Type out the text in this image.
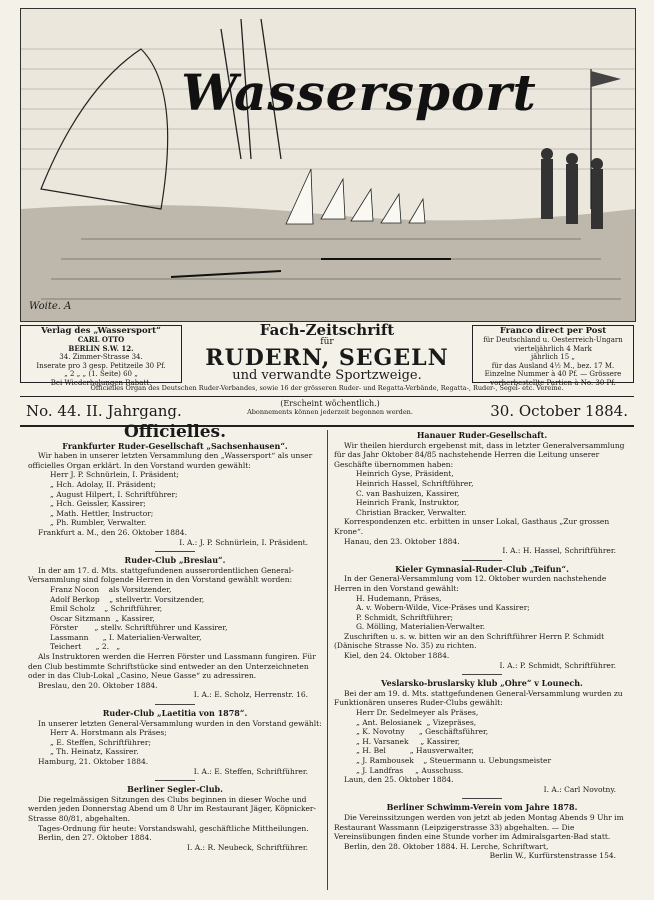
Wassersport
Woite. A
Verlag des „Wassersport“
CARL OTTO
BERLIN S.W. 12.
34. Zimmer-Strasse 34.
Inserate pro 3 gesp. Petitzeile 30 Pf.
„ 2 „ „ (1. Seite) 60 „
Bei Wiederholungen Rabatt.
Fach-Zeitschrift
für
RUDERN, SEGELN
und verwandte Sportzweige.
Franco direct per Post
für Deutschland u. Oesterreich-Ungarn
vierteljährlich 4 Mark
jährlich 15 „
für das Ausland 4½ M., bez. 17 M.
Einzelne Nummer à 40 Pf. — Grössere
vorherbestellte Partien à No. 30 Pf.
Officielles Organ des Deutschen Ruder-Verbandes, sowie 16 der grösseren Ruder- und Regatta-Verbände, Regatta-, Ruder-, Segel- etc. Vereine.
No. 44. II. Jahrgang.	(Erscheint wöchentlich.)
Abonnements können jederzeit begonnen werden.	30. October 1884.
Officielles.
Frankfurter Ruder-Gesellschaft „Sachsenhausen“.
Wir haben in unserer letzten Versammlung den „Wassersport“ als unser officielles Organ erklärt. In den Vorstand wurden gewählt:
Herr J. P. Schnürlein, I. Präsident;
„ Hch. Adolay, II. Präsident;
„ August Hilpert, I. Schriftführer;
„ Hch. Geissler, Kassirer;
„ Math. Hettler, Instructor;
„ Ph. Rumbler, Verwalter.
Frankfurt a. M., den 26. Oktober 1884.
I. A.: J. P. Schnürlein, I. Präsident.
Ruder-Club „Breslau“.
In der am 17. d. Mts. stattgefundenen ausserordentlichen General-Versammlung sind folgende Herren in den Vorstand gewählt worden:
Franz Nocon    als Vorsitzender,
Adolf Berkop    „ stellvertr. Vorsitzender,
Emil Scholz    „ Schriftführer,
Oscar Sitzmann  „ Kassirer,
Förster       „ stellv. Schriftführer und Kassirer,
Lassmann      „ I. Materialien-Verwalter,
Teichert      „ 2.   „
Als Instruktoren werden die Herren Förster und Lassmann fungiren. Für den Club bestimmte Schriftstücke sind entweder an den Unterzeichneten oder in das Club-Lokal „Casino, Neue Gasse“ zu adressiren.
Breslau, den 20. Oktober 1884.
I. A.: E. Scholz, Herrenstr. 16.
Ruder-Club „Laetitia von 1878“.
In unserer letzten General-Versammlung wurden in den Vorstand gewählt:
Herr A. Horstmann als Präses;
„ E. Steffen, Schriftführer;
„ Th. Heinatz, Kassirer.
Hamburg, 21. Oktober 1884.
I. A.: E. Steffen, Schriftführer.
Berliner Segler-Club.
Die regelmässigen Sitzungen des Clubs beginnen in dieser Woche und werden jeden Donnerstag Abend um 8 Uhr im Restaurant Jäger, Köpnicker-Strasse 80/81, abgehalten.
Tages-Ordnung für heute: Vorstandswahl, geschäftliche Mittheilungen.
Berlin, den 27. Oktober 1884.
I. A.: R. Neubeck, Schriftführer.
Hanauer Ruder-Gesellschaft.
Wir theilen hierdurch ergebenst mit, dass in letzter Generalversammlung für das Jahr Oktober 84/85 nachstehende Herren die Leitung unserer Geschäfte übernommen haben:
Heinrich Gyse, Präsident,
Heinrich Hassel, Schriftführer,
C. van Bashuizen, Kassirer,
Heinrich Frank, Instruktor,
Christian Bracker, Verwalter.
Korrespondenzen etc. erbitten in unser Lokal, Gasthaus „Zur grossen Krone“.
Hanau, den 23. Oktober 1884.
I. A.: H. Hassel, Schriftführer.
Kieler Gymnasial-Ruder-Club „Teifun“.
In der General-Versammlung vom 12. Oktober wurden nachstehende Herren in den Vorstand gewählt:
H. Hudemann, Präses,
A. v. Wobern-Wilde, Vice-Präses und Kassirer;
P. Schmidt, Schriftführer;
G. Mölling, Materialien-Verwalter.
Zuschriften u. s. w. bitten wir an den Schriftführer Herrn P. Schmidt (Dänische Strasse No. 35) zu richten.
Kiel, den 24. Oktober 1884.
I. A.: P. Schmidt, Schriftführer.
Veslarsko-bruslarsky klub „Ohre“ v Lounech.
Bei der am 19. d. Mts. stattgefundenen General-Versammlung wurden zu Funktionären unseres Ruder-Clubs gewählt:
Herr Dr. Sedelmeyer als Präses,
„ Ant. Belosianek  „ Vizepräses,
„ K. Novotny      „ Geschäftsführer,
„ H. Varsanek     „ Kassirer,
„ H. Bel          „ Hausverwalter,
„ J. Rambousek    „ Steuermann u. Uebungsmeister
„ J. Landfras     „ Ausschuss.
Laun, den 25. Oktober 1884.
I. A.: Carl Novotny.
Berliner Schwimm-Verein vom Jahre 1878.
Die Vereinssitzungen werden von jetzt ab jeden Montag Abends 9 Uhr im Restaurant Wassmann (Leipzigerstrasse 33) abgehalten. — Die Vereinsübungen finden eine Stunde vorher im Admiralsgarten-Bad statt.
Berlin, den 28. Oktober 1884. H. Lerche, Schriftwart,
Berlin W., Kurfürstenstrasse 154.
